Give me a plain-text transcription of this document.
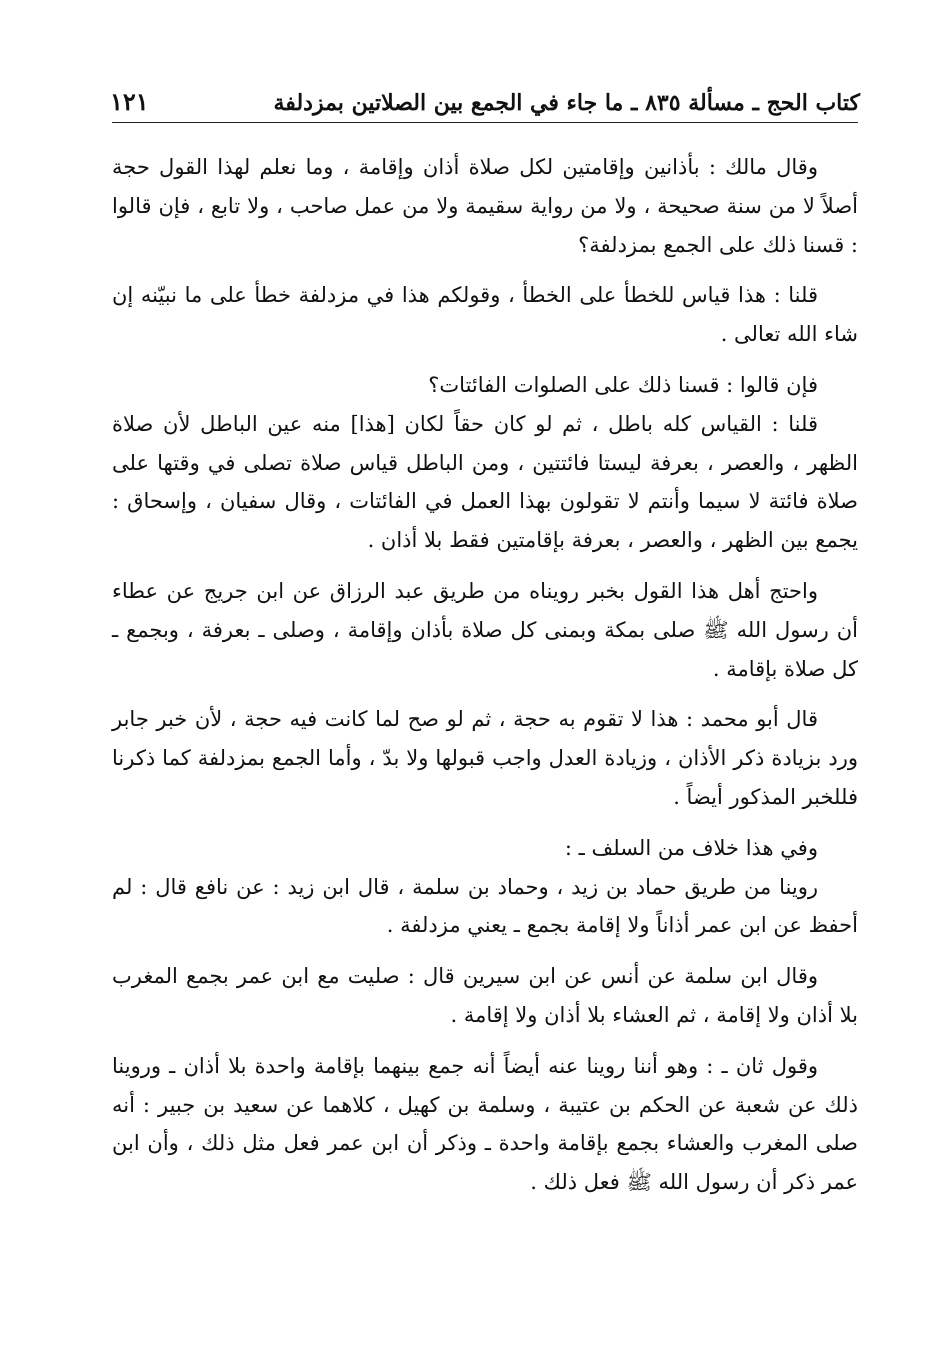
كتاب الحج ـ مسألة ٨٣٥ ـ ما جاء في الجمع بين الصلاتين بمزدلفة
١٢١

وقال مالك : بأذانين وإقامتين لكل صلاة أذان وإقامة ، وما نعلم لهذا القول حجة أصلاً لا من سنة صحيحة ، ولا من رواية سقيمة ولا من عمل صاحب ، ولا تابع ، فإن قالوا : قسنا ذلك على الجمع بمزدلفة؟

قلنا : هذا قياس للخطأ على الخطأ ، وقولكم هذا في مزدلفة خطأ على ما نبيّنه إن شاء الله تعالى .

فإن قالوا : قسنا ذلك على الصلوات الفائتات؟

قلنا : القياس كله باطل ، ثم لو كان حقاً لكان [هذا] منه عين الباطل لأن صلاة الظهر ، والعصر ، بعرفة ليستا فائتتين ، ومن الباطل قياس صلاة تصلى في وقتها على صلاة فائتة لا سيما وأنتم لا تقولون بهذا العمل في الفائتات ، وقال سفيان ، وإسحاق : يجمع بين الظهر ، والعصر ، بعرفة بإقامتين فقط بلا أذان .

واحتج أهل هذا القول بخبر رويناه من طريق عبد الرزاق عن ابن جريج عن عطاء أن رسول الله ﷺ صلى بمكة وبمنى كل صلاة بأذان وإقامة ، وصلى ـ بعرفة ، وبجمع ـ كل صلاة بإقامة .

قال أبو محمد : هذا لا تقوم به حجة ، ثم لو صح لما كانت فيه حجة ، لأن خبر جابر ورد بزيادة ذكر الأذان ، وزيادة العدل واجب قبولها ولا بدّ ، وأما الجمع بمزدلفة كما ذكرنا فللخبر المذكور أيضاً .

وفي هذا خلاف من السلف ـ :

روينا من طريق حماد بن زيد ، وحماد بن سلمة ، قال ابن زيد : عن نافع قال : لم أحفظ عن ابن عمر أذاناً ولا إقامة بجمع ـ يعني مزدلفة .

وقال ابن سلمة عن أنس عن ابن سيرين قال : صليت مع ابن عمر بجمع المغرب بلا أذان ولا إقامة ، ثم العشاء بلا أذان ولا إقامة .

وقول ثان ـ : وهو أننا روينا عنه أيضاً أنه جمع بينهما بإقامة واحدة بلا أذان ـ وروينا ذلك عن شعبة عن الحكم بن عتيبة ، وسلمة بن كهيل ، كلاهما عن سعيد بن جبير : أنه صلى المغرب والعشاء بجمع بإقامة واحدة ـ وذكر أن ابن عمر فعل مثل ذلك ، وأن ابن عمر ذكر أن رسول الله ﷺ فعل ذلك .
